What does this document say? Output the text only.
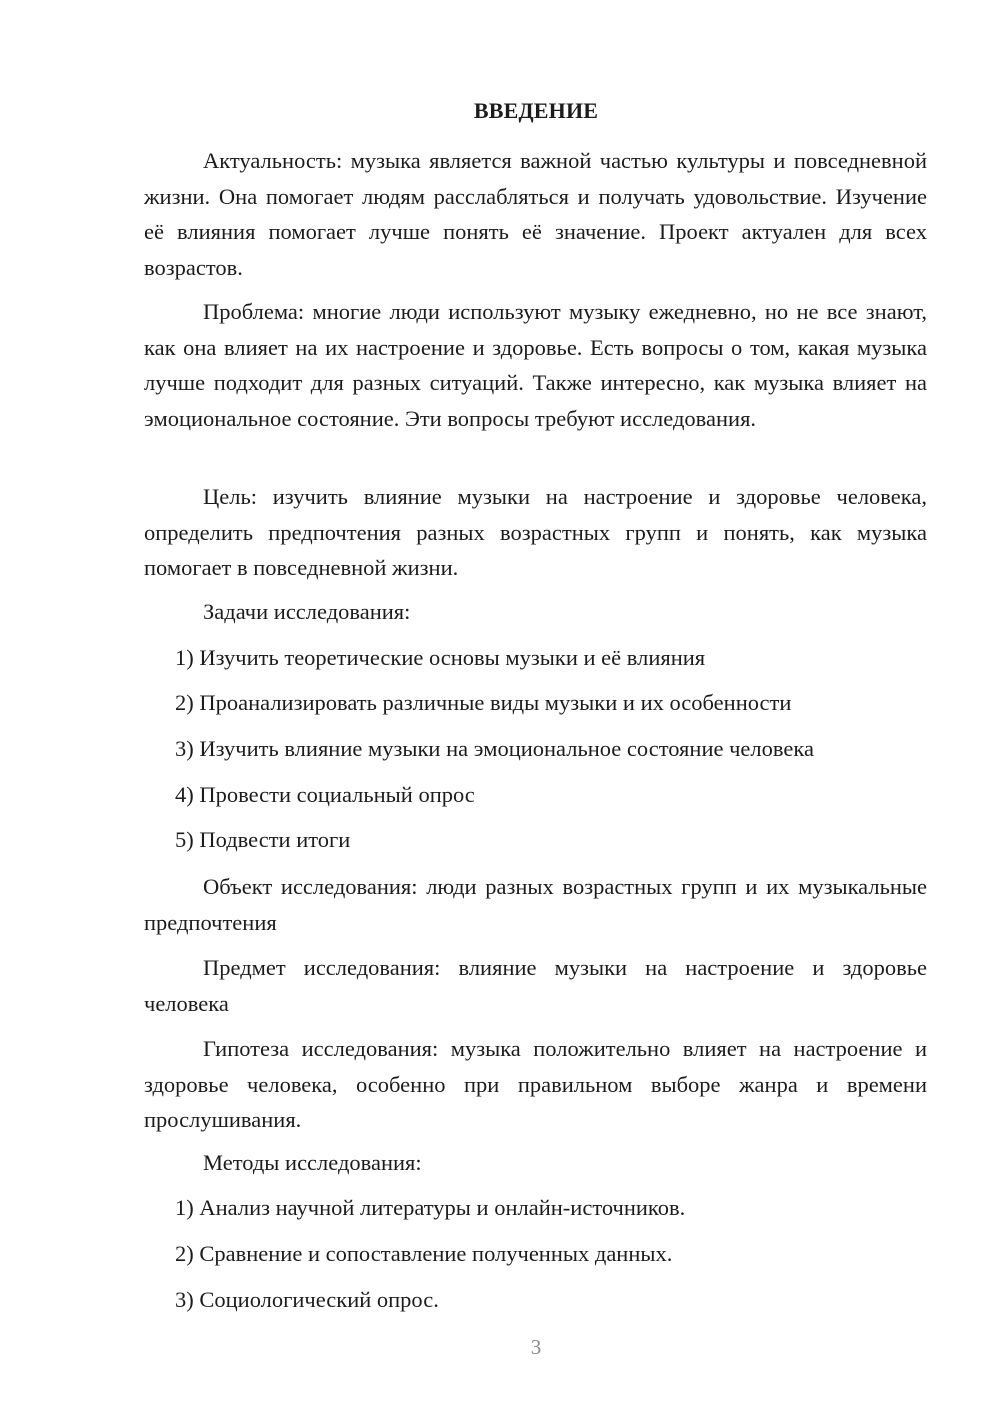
ВВЕДЕНИЕ

Актуальность: музыка является важной частью культуры и повседневной жизни. Она помогает людям расслабляться и получать удовольствие. Изучение её влияния помогает лучше понять её значение. Проект актуален для всех возрастов.

Проблема: многие люди используют музыку ежедневно, но не все знают, как она влияет на их настроение и здоровье. Есть вопросы о том, какая музыка лучше подходит для разных ситуаций. Также интересно, как музыка влияет на эмоциональное состояние. Эти вопросы требуют исследования.

Цель: изучить влияние музыки на настроение и здоровье человека, определить предпочтения разных возрастных групп и понять, как музыка помогает в повседневной жизни.

Задачи исследования:
1) Изучить теоретические основы музыки и её влияния
2) Проанализировать различные виды музыки и их особенности
3) Изучить влияние музыки на эмоциональное состояние человека
4) Провести социальный опрос
5) Подвести итоги

Объект исследования: люди разных возрастных групп и их музыкальные предпочтения

Предмет исследования: влияние музыки на настроение и здоровье человека

Гипотеза исследования: музыка положительно влияет на настроение и здоровье человека, особенно при правильном выборе жанра и времени прослушивания.

Методы исследования:
1) Анализ научной литературы и онлайн-источников.
2) Сравнение и сопоставление полученных данных.
3) Социологический опрос.
3
